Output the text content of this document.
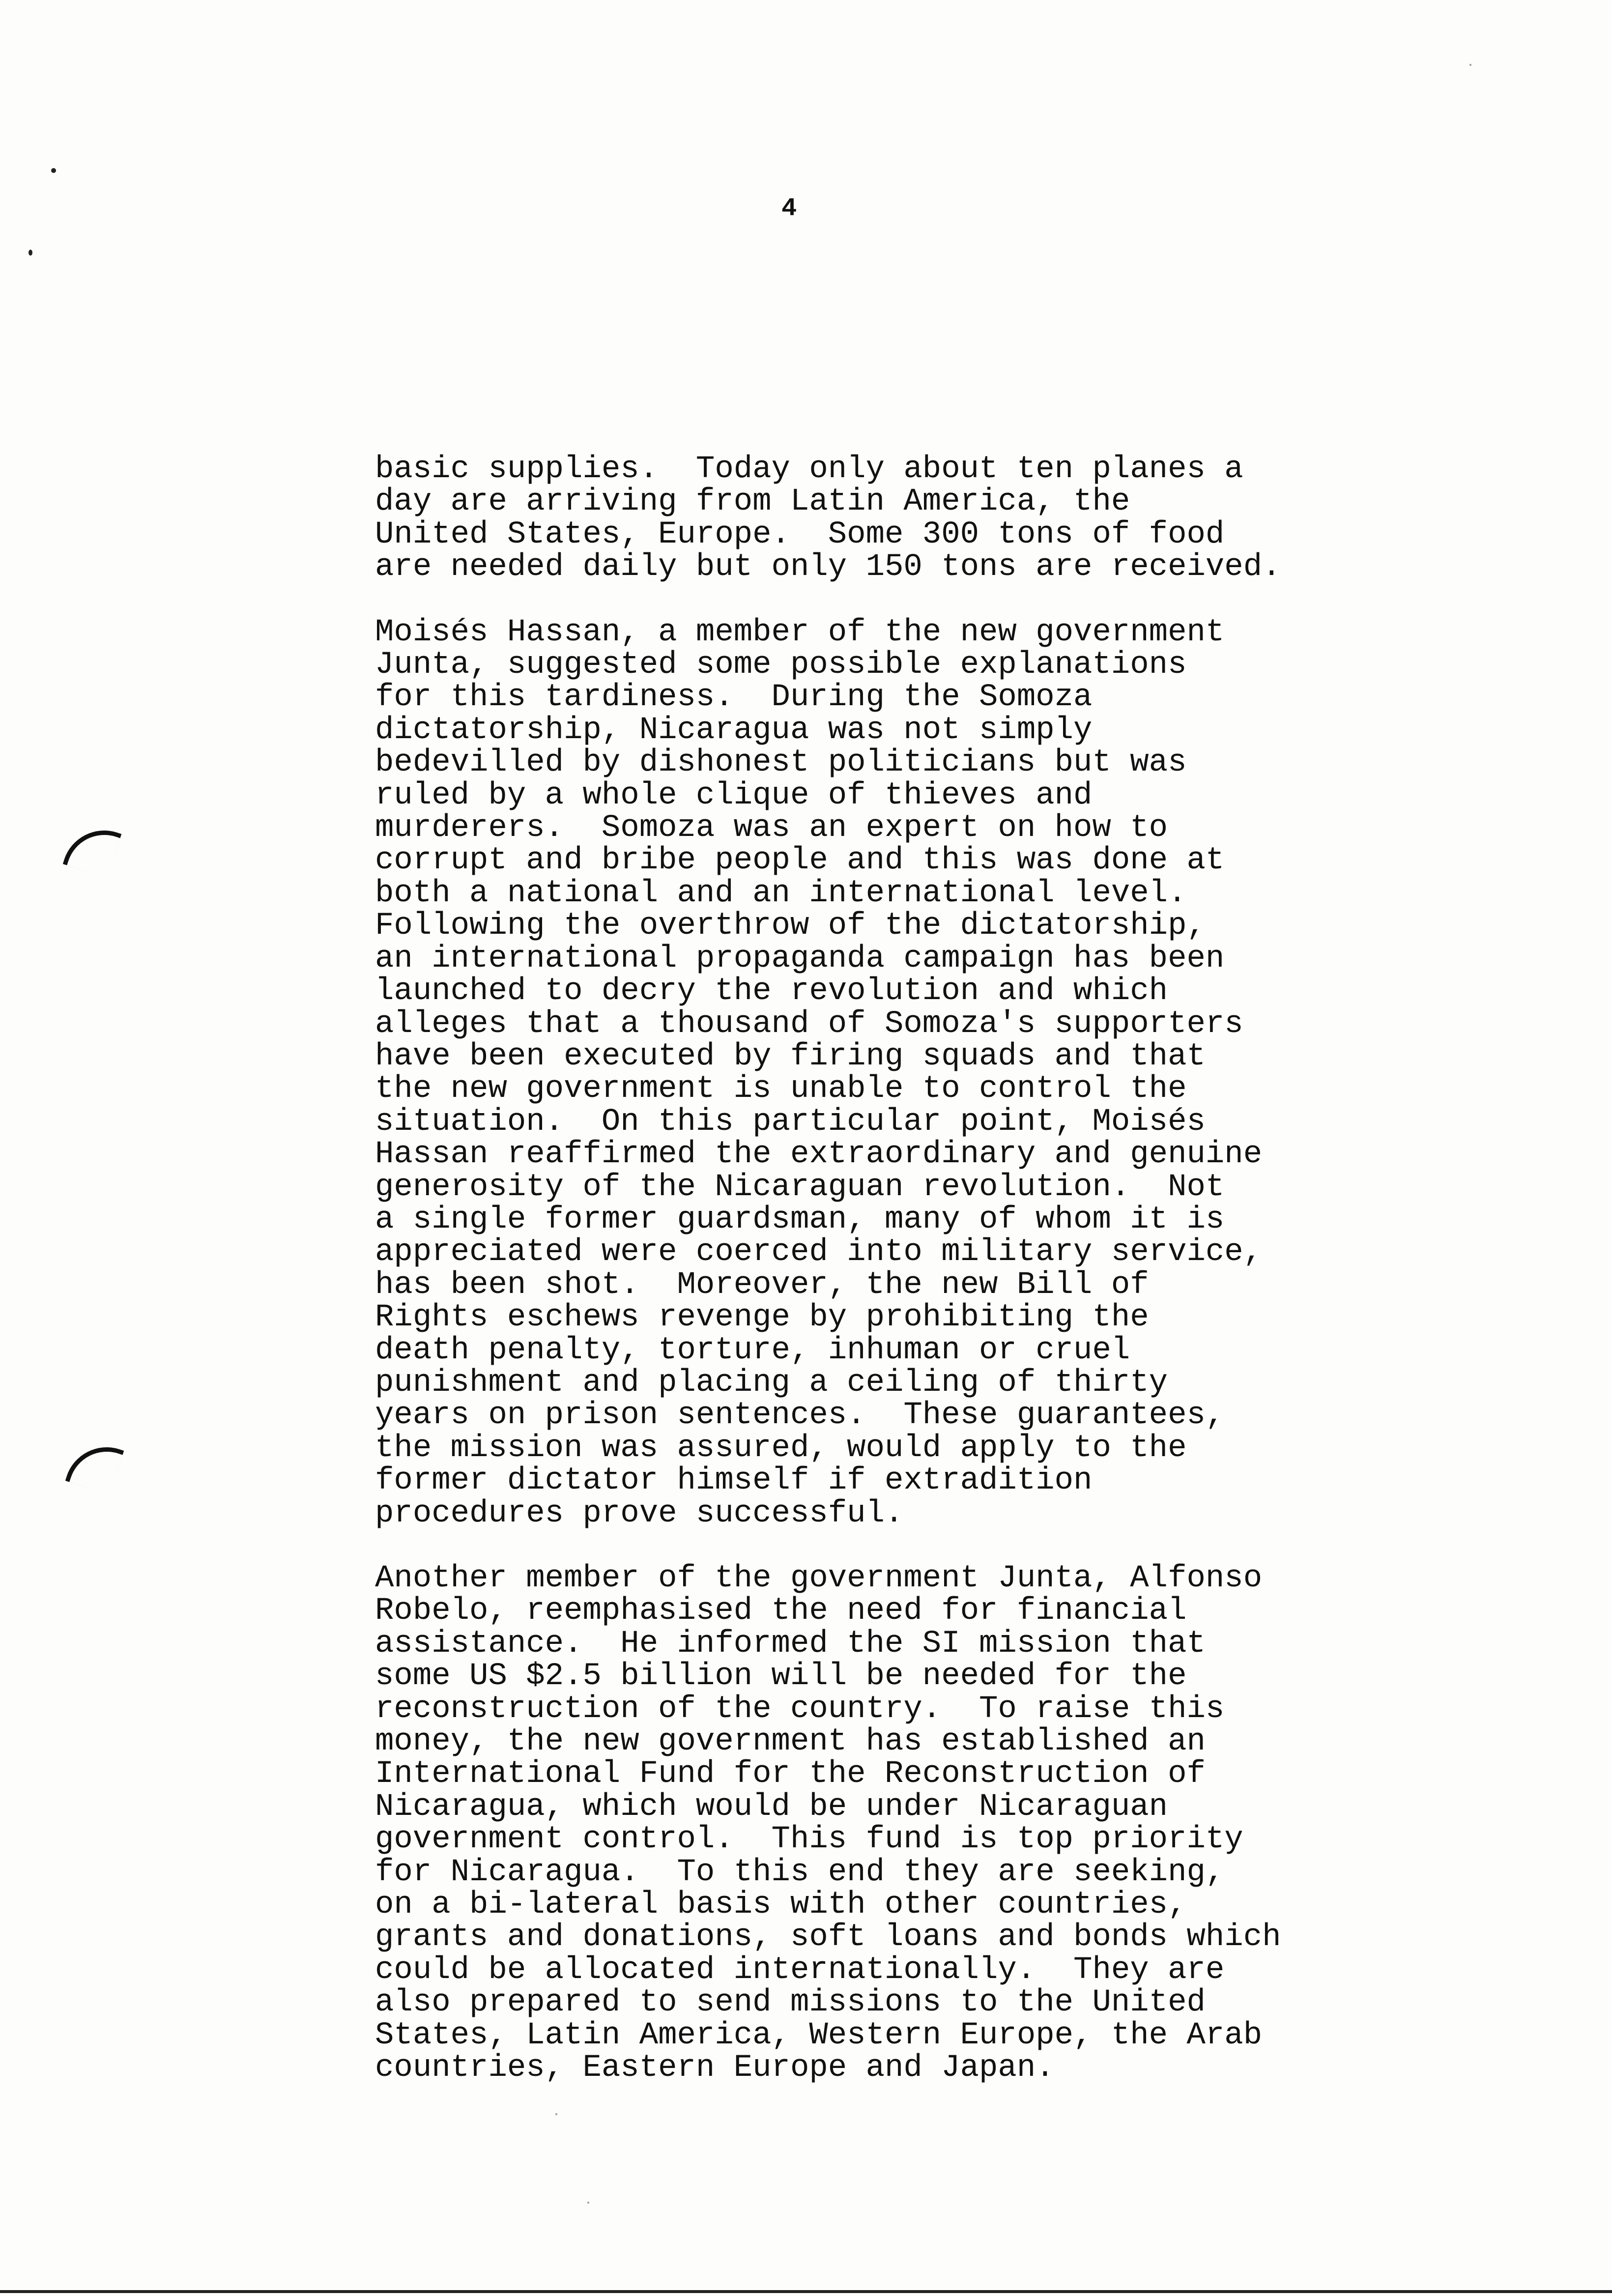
4
basic supplies.  Today only about ten planes a
day are arriving from Latin America, the
United States, Europe.  Some 300 tons of food
are needed daily but only 150 tons are received.
Moisés Hassan, a member of the new government
Junta, suggested some possible explanations
for this tardiness.  During the Somoza
dictatorship, Nicaragua was not simply
bedevilled by dishonest politicians but was
ruled by a whole clique of thieves and
murderers.  Somoza was an expert on how to
corrupt and bribe people and this was done at
both a national and an international level.
Following the overthrow of the dictatorship,
an international propaganda campaign has been
launched to decry the revolution and which
alleges that a thousand of Somoza's supporters
have been executed by firing squads and that
the new government is unable to control the
situation.  On this particular point, Moisés
Hassan reaffirmed the extraordinary and genuine
generosity of the Nicaraguan revolution.  Not
a single former guardsman, many of whom it is
appreciated were coerced into military service,
has been shot.  Moreover, the new Bill of
Rights eschews revenge by prohibiting the
death penalty, torture, inhuman or cruel
punishment and placing a ceiling of thirty
years on prison sentences.  These guarantees,
the mission was assured, would apply to the
former dictator himself if extradition
procedures prove successful.
Another member of the government Junta, Alfonso
Robelo, reemphasised the need for financial
assistance.  He informed the SI mission that
some US $2.5 billion will be needed for the
reconstruction of the country.  To raise this
money, the new government has established an
International Fund for the Reconstruction of
Nicaragua, which would be under Nicaraguan
government control.  This fund is top priority
for Nicaragua.  To this end they are seeking,
on a bi-lateral basis with other countries,
grants and donations, soft loans and bonds which
could be allocated internationally.  They are
also prepared to send missions to the United
States, Latin America, Western Europe, the Arab
countries, Eastern Europe and Japan.
